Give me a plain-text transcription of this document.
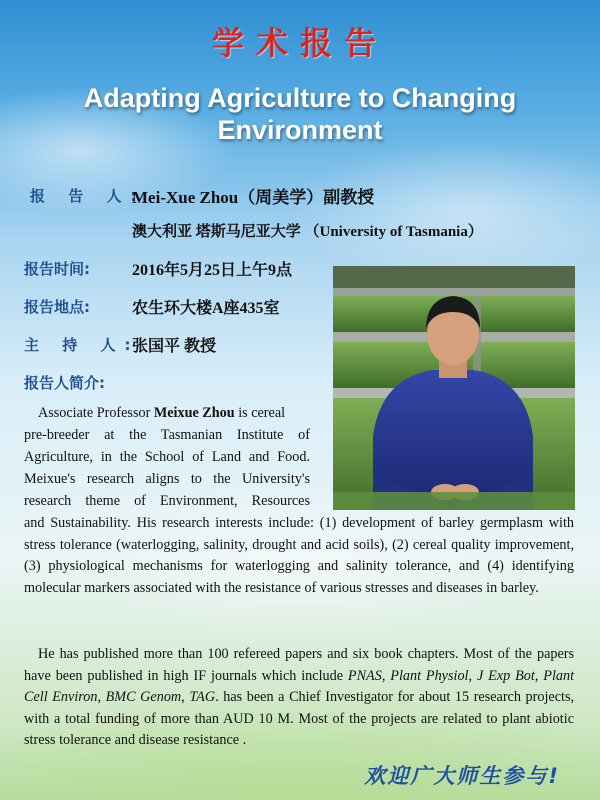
学术报告
Adapting Agriculture to Changing Environment
报 告 人:
Mei-Xue Zhou（周美学）副教授
澳大利亚 塔斯马尼亚大学 （University of Tasmania）
报告时间:	2016年5月25日上午9点
报告地点:	农生环大楼A座435室
主 持 人:
张国平 教授
报告人简介:
Associate Professor Meixue Zhou is cereal
pre-breeder at the Tasmanian Institute of
Agriculture, in the School of Land and Food.
Meixue's research aligns to the University's
research theme of Environment, Resources
and Sustainability. His research interests include: (1) development of barley germplasm with stress tolerance (waterlogging, salinity, drought and acid soils), (2) cereal quality improvement, (3) physiological mechanisms for waterlogging and salinity tolerance, and (4) identifying molecular markers associated with the resistance of various stresses and diseases in barley.
He has published more than 100 refereed papers and six book chapters. Most of the papers have been published in high IF journals which include PNAS, Plant Physiol, J Exp Bot, Plant Cell Environ, BMC Genom, TAG. has been a Chief Investigator for about 15 research projects, with a total funding of more than AUD 10 M. Most of the projects are related to plant abiotic stress tolerance and disease resistance .
欢迎广大师生参与!
